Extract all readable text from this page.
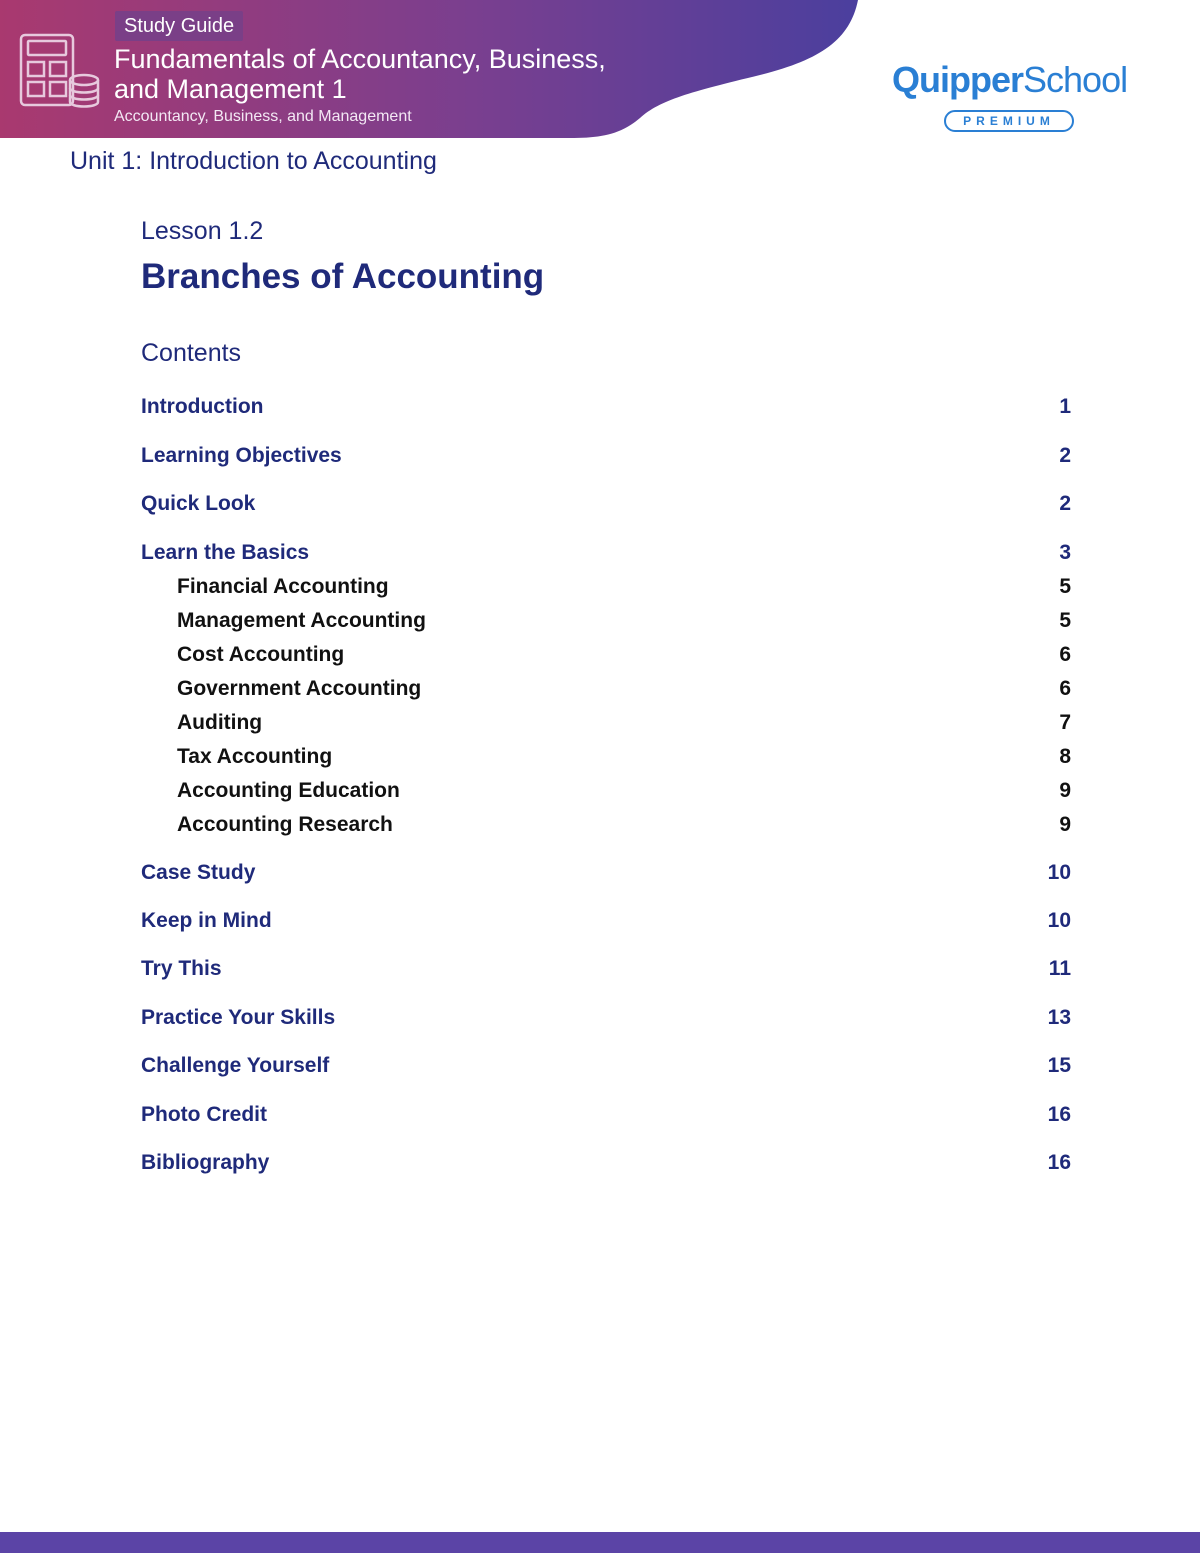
Study Guide
Fundamentals of Accountancy, Business,
and Management 1
Accountancy, Business, and Management
QuipperSchool
PREMIUM
Unit 1: Introduction to Accounting
Lesson 1.2
Branches of Accounting
Contents
Introduction	1
Learning Objectives	2
Quick Look	2
Learn the Basics	3
Financial Accounting	5
Management Accounting	5
Cost Accounting	6
Government Accounting	6
Auditing	7
Tax Accounting	8
Accounting Education	9
Accounting Research	9
Case Study	10
Keep in Mind	10
Try This	11
Practice Your Skills	13
Challenge Yourself	15
Photo Credit	16
Bibliography	16
